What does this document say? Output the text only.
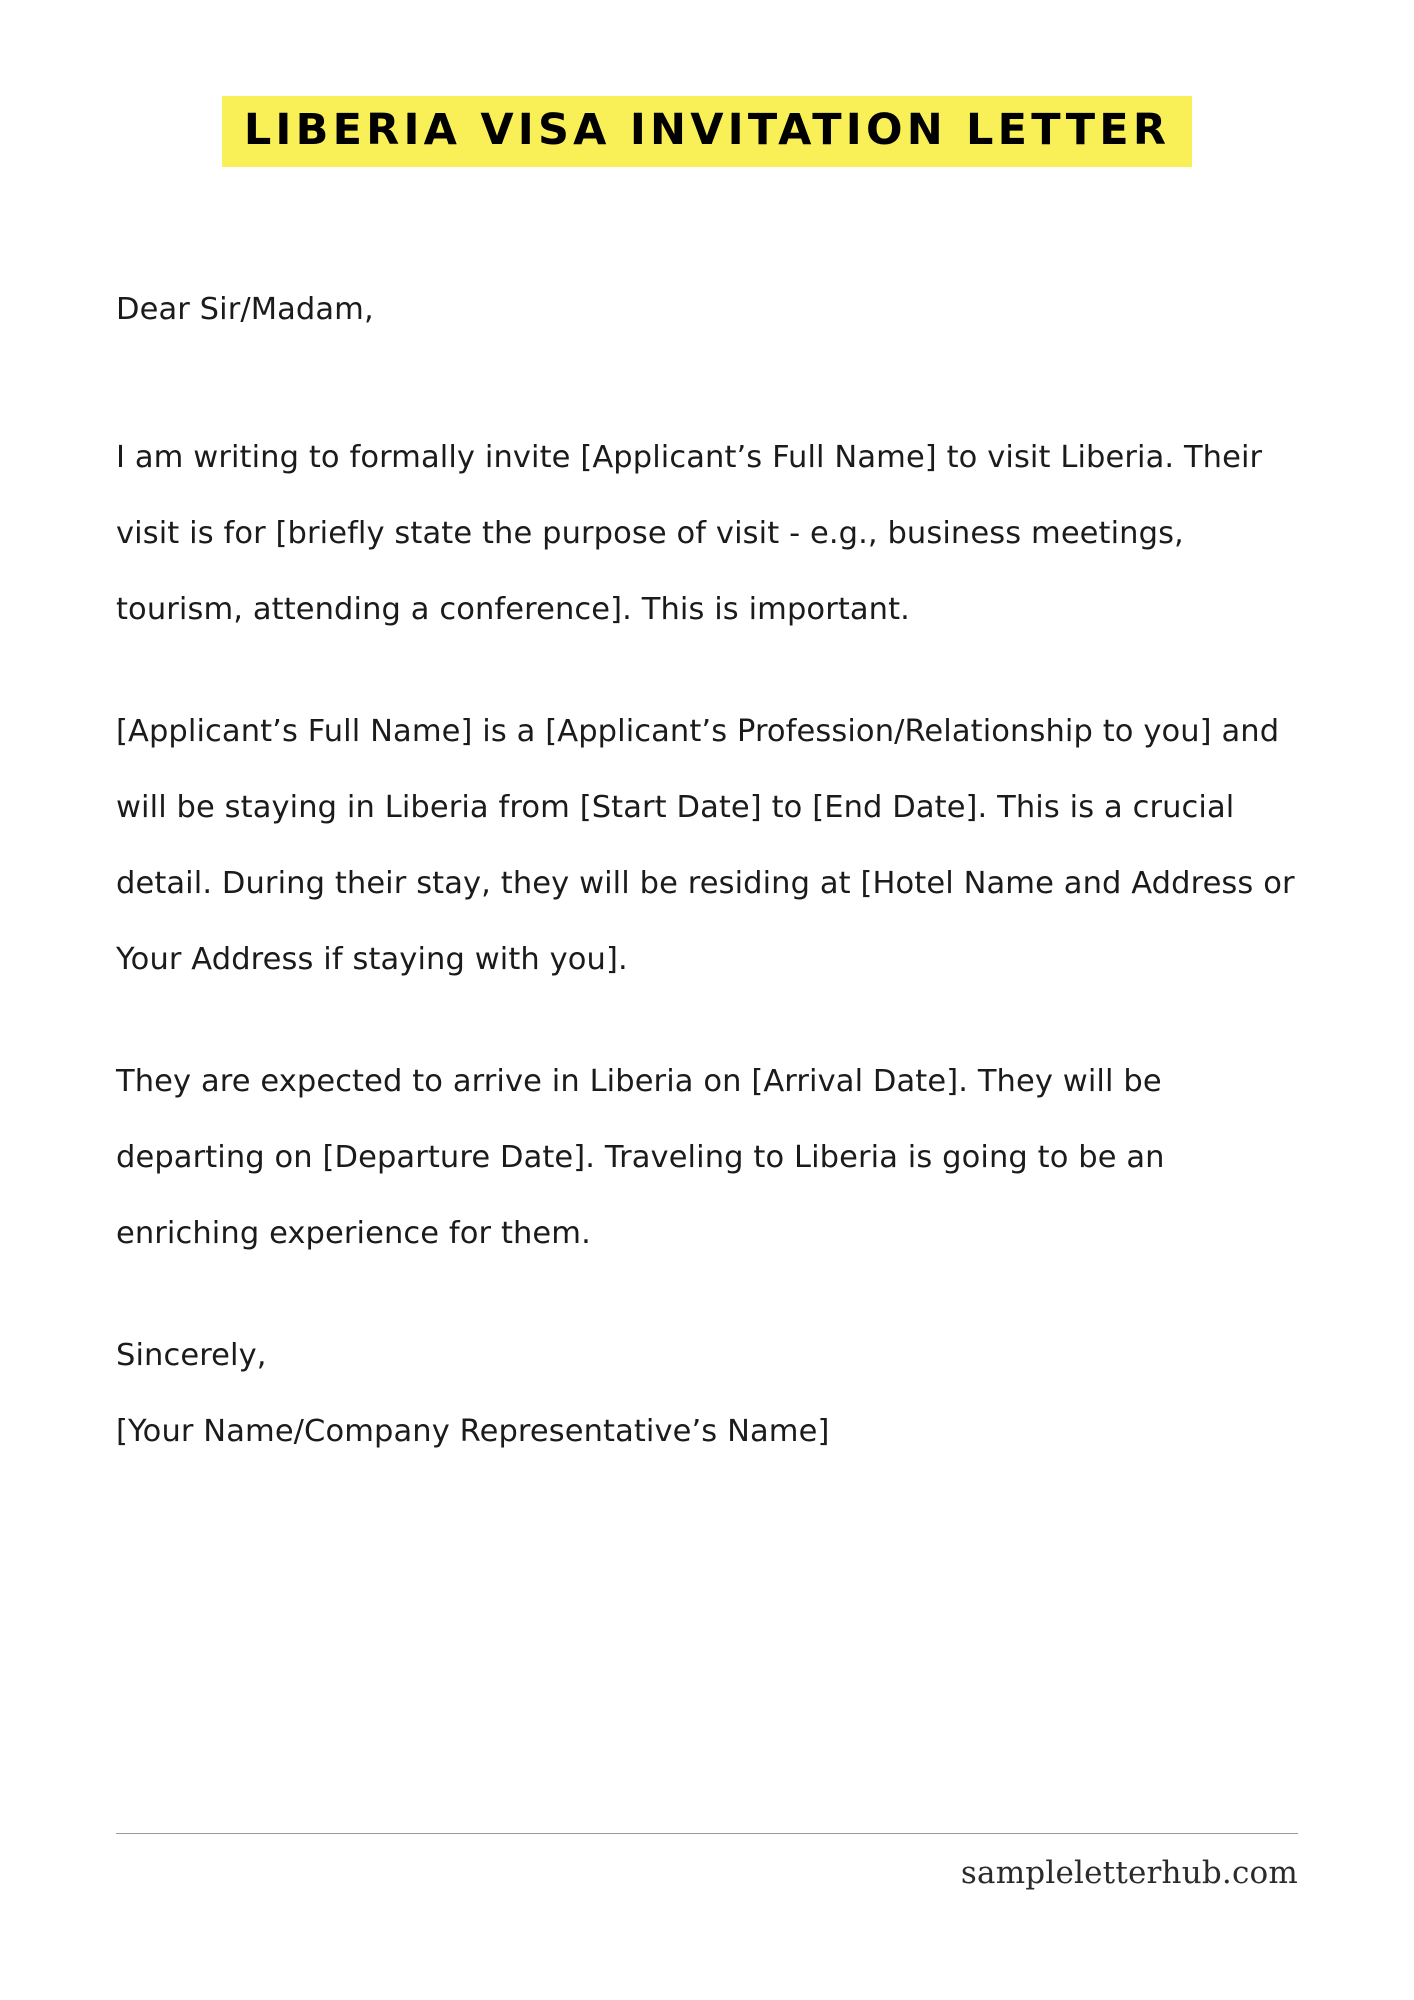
LIBERIA VISA INVITATION LETTER

Dear Sir/Madam,

I am writing to formally invite [Applicant’s Full Name] to visit Liberia. Their visit is for [briefly state the purpose of visit - e.g., business meetings, tourism, attending a conference]. This is important.

[Applicant’s Full Name] is a [Applicant’s Profession/Relationship to you] and will be staying in Liberia from [Start Date] to [End Date]. This is a crucial detail. During their stay, they will be residing at [Hotel Name and Address or Your Address if staying with you].

They are expected to arrive in Liberia on [Arrival Date]. They will be departing on [Departure Date]. Traveling to Liberia is going to be an enriching experience for them.

Sincerely,

[Your Name/Company Representative’s Name]

sampleletterhub.com
